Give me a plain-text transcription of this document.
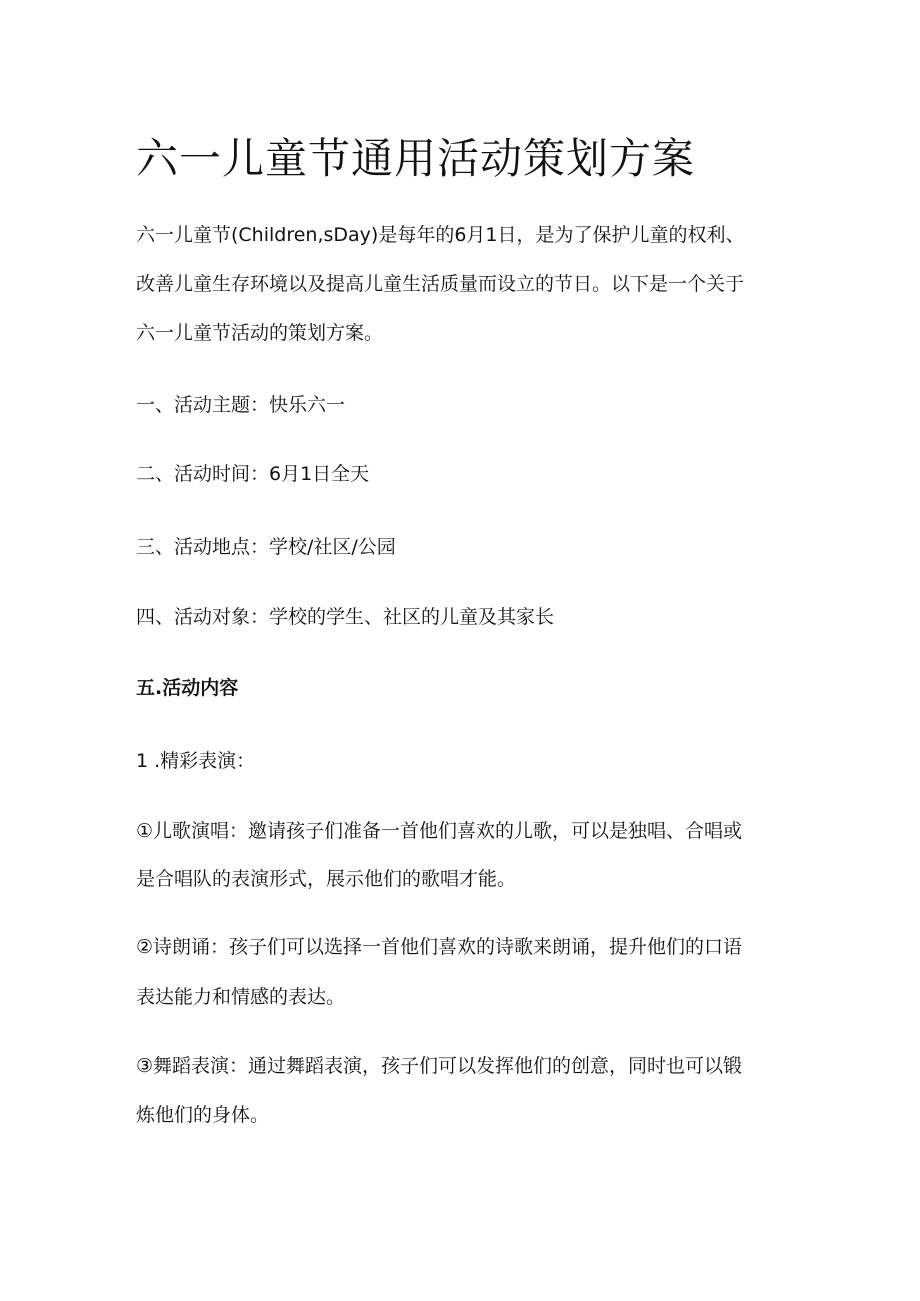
六一儿童节通用活动策划方案
六一儿童节(Children,sDay)是每年的6月1日，是为了保护儿童的权利、
改善儿童生存环境以及提高儿童生活质量而设立的节日。以下是一个关于
六一儿童节活动的策划方案。
一、活动主题：快乐六一
二、活动时间：6月1日全天
三、活动地点：学校/社区/公园
四、活动对象：学校的学生、社区的儿童及其家长
五.活动内容
1 .精彩表演：
①儿歌演唱：邀请孩子们准备一首他们喜欢的儿歌，可以是独唱、合唱或
是合唱队的表演形式，展示他们的歌唱才能。
②诗朗诵：孩子们可以选择一首他们喜欢的诗歌来朗诵，提升他们的口语
表达能力和情感的表达。
③舞蹈表演：通过舞蹈表演，孩子们可以发挥他们的创意，同时也可以锻
炼他们的身体。
